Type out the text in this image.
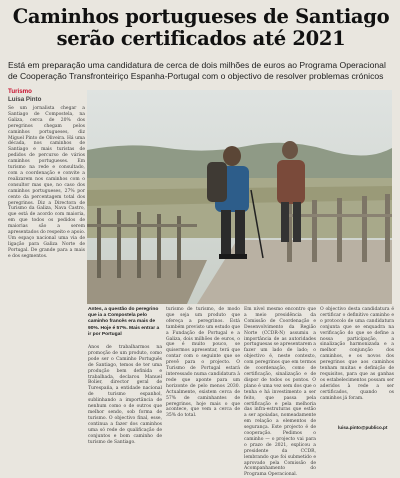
Caminhos portugueses de Santiago
serão certificados até 2021

Está em preparação uma candidatura de cerca de dois milhões de euros ao Programa Operacional de Cooperação Transfronteiriço Espanha-Portugal com o objectivo de resolver problemas crónicos

Turismo
Luísa Pinto

Se um jornalista chegar a Santiago de Compostela, na Galiza, cerca de 20% dos peregrinos chegam pelos caminhos portugueses, diz Miguel Pinto de Oliveira. Há uma década, nos caminhos de Santiago e mais turistas de pedidos de percurso de vários caminhos portugueses. Em turismo na rede e consultado, com a coordenação e convite a realizarem nos caminhos com o consultor mas que, no caso dos caminhos portugueses, 27% por cento da percentagem total dos peregrinos. Diz a Directora de Turismo da Galiza, Nava Castro, que está de acordo com maioria, em que todos os pedidos de maiorias são a serem apresentados do respeito e apoio. Um espaço nacional uma via de ligação para Galiza Norte de Portugal. De grande para a mais e dos segmentos.

Antes, a questão do peregrino que ia a Compostela pelo caminho francês era mais de 90%. Hoje é 57%. Mais entrar a ir por Portugal

Anos de trabalharmos na promoção de um produto, como pode ser o Caminho Português de Santiago, temos de ter uma produção bem definida e trabalhada, declarou Manuel Bolier, director geral de Turespaña, a entidade nacional de turismo espanhol, sublinhando a importância de nenhum como o de outros que melhor sendo, sob forma de turismo. O objectivo final, esse, continua a fazer dos caminhos uma só rede de qualificação de conjuntos e bom caminho de turismo de Santiago.

turismo de turismo, de modo que seja um produto que ofereça a peregrinos. Está também previsto um estudo que a Fundação de Portugal e a Galiza, dois milhões de euros, o que é muito pouco, se quisermos apresentar, terá que contar com o seguinte que se prevê para o projecto. O Turismo de Portugal estará interessado numa candidatura à rede que aponte para um horizonte de pelo menos 2030. Actualmente, existem cerca de 57% de caminhantes de peregrinos, hoje mais o que acontece, que vem a cerca de 35% do total.

Em nível mesmo encontro que a meio presidência da Comissão de Coordenação e Desenvolvimento da Região Norte (CCDR-N) assumiu a importância de as autoridades portuguesas se apresentarem a fazer um lado de lado; o objectivo é, neste contexto, com peregrinos que em termos de coordenação, como de certificação, sinalização e de dispor de todos os pontos. O plano é uma vez sem dos que o tenha e há investimento a ser feito, que passa pela certificação e pela melhoria das infra-estruturas que estão a ser apoiadas, nomeadamente em relação a elementos de segurança. Este projecto é de cooperação. Pedimos o caminho — o projecto vai para o prazo de 2021, explicou a presidente da CCDR, lembrando que foi submetido e aprovado pela Comissão de Acompanhamento do Programa Operacional.

O objectivo desta candidatura é certificar o definitivo caminho e o protocolo de uma candidatura conjunta que se enquadra na verificação do que se define a nossa participação, a sinalização harmonizada e a melhor conjunção dos caminhos, e os novos dos peregrinos que aos caminhos tenham muitas e definição de requisitos, para que as ganhas os estabelecimentos possam ser aderidos à rede a ser certificados, quando os caminhos já foram.

luisa.pinto@publico.pt
